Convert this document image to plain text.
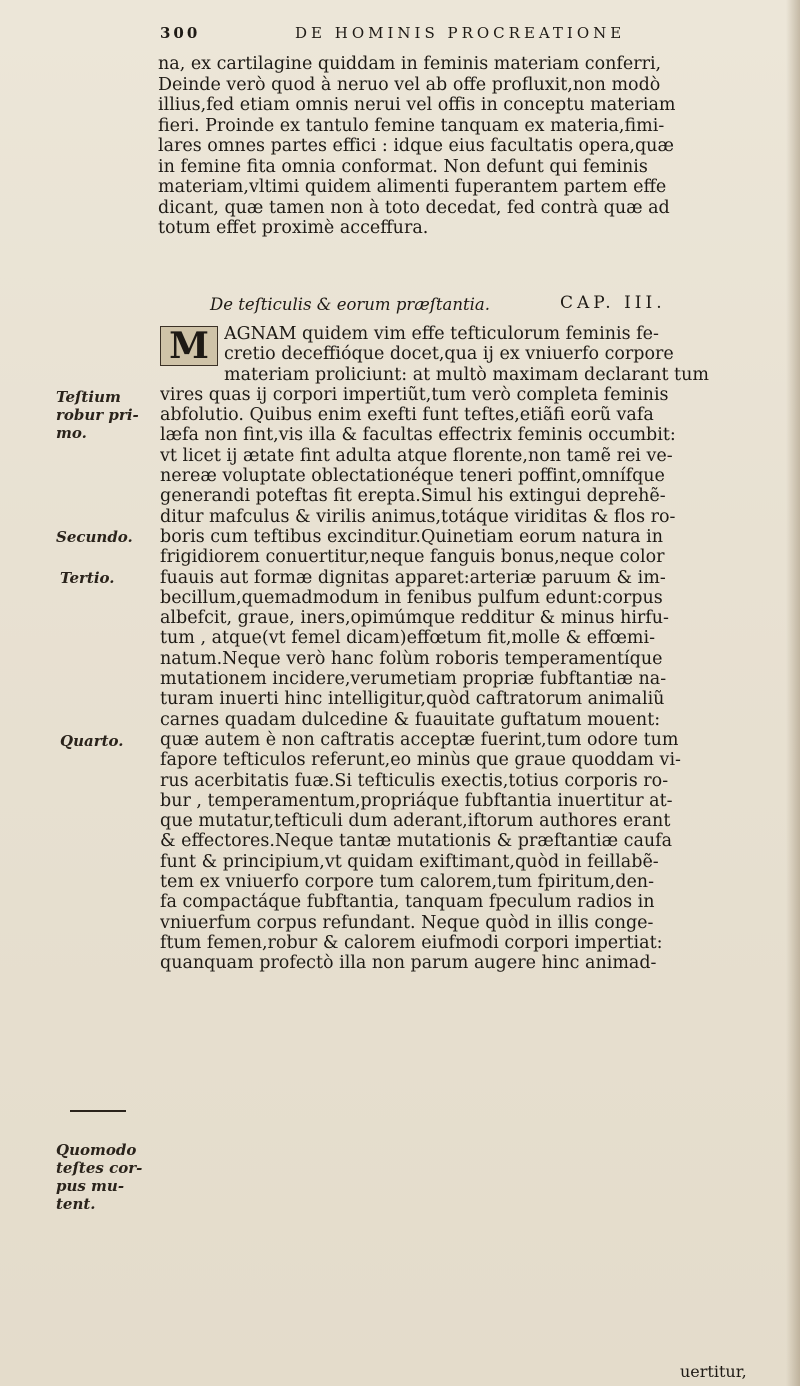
300	DE HOMINIS PROCREATIONE
na, ex cartilagine quiddam in feminis materiam conferri,
Deinde verò quod à neruo vel ab offe profluxit,non modò
illius,fed etiam omnis nerui vel offis in conceptu materiam
fieri. Proinde ex tantulo femine tanquam ex materia,fimi-
lares omnes partes effici : idque eius facultatis opera,quæ
in femine fita omnia conformat. Non defunt qui feminis
materiam,vltimi quidem alimenti fuperantem partem effe
dicant, quæ tamen non à toto decedat, fed contrà quæ ad
totum effet proximè acceffura.
De teſticulis & eorum præſtantia.	CAP. III.
M AGNAM quidem vim effe tefticulorum feminis fe-
cretio deceffióque docet,qua ij ex vniuerfo corpore
materiam proliciunt: at multò maximam declarant tum
vires quas ij corpori impertiũt,tum verò completa feminis
abfolutio. Quibus enim exefti funt teftes,etiãfi eorũ vafa
læfa non fint,vis illa & facultas effectrix feminis occumbit:
vt licet ij ætate fint adulta atque florente,non tamẽ rei ve-
nereæ voluptate oblectationéque teneri poffint,omnífque
generandi poteftas fit erepta.Simul his extingui deprehẽ-
ditur mafculus & virilis animus,totáque viriditas & flos ro-
boris cum teftibus excinditur.Quinetiam eorum natura in
frigidiorem conuertitur,neque fanguis bonus,neque color
fuauis aut formæ dignitas apparet:arteriæ paruum & im-
becillum,quemadmodum in fenibus pulfum edunt:corpus
albefcit, graue, iners,opimúmque redditur & minus hirfu-
tum , atque(vt femel dicam)effœtum fit,molle & effœmi-
natum.Neque verò hanc folùm roboris temperamentíque
mutationem incidere,verumetiam propriæ fubftantiæ na-
turam inuerti hinc intelligitur,quòd caftratorum animaliũ
carnes quadam dulcedine & fuauitate guftatum mouent:
quæ autem è non caftratis acceptæ fuerint,tum odore tum
fapore tefticulos referunt,eo minùs que graue quoddam vi-
rus acerbitatis fuæ.Si tefticulis exectis,totius corporis ro-
bur , temperamentum,propriáque fubftantia inuertitur at-
que mutatur,tefticuli dum aderant,iftorum authores erant
& effectores.Neque tantæ mutationis & præftantiæ caufa
funt & principium,vt quidam exiftimant,quòd in feillabẽ-
tem ex vniuerfo corpore tum calorem,tum fpiritum,den-
fa compactáque fubftantia, tanquam fpeculum radios in
vniuerfum corpus refundant. Neque quòd in illis conge-
ftum femen,robur & calorem eiufmodi corpori impertiat:
quanquam profectò illa non parum augere hinc animad-
Teſtium robur pri-mo.
Secundo.
Tertio.
Quarto.
Quomodo teſtes cor-pus mu-tent.
uertitur,
